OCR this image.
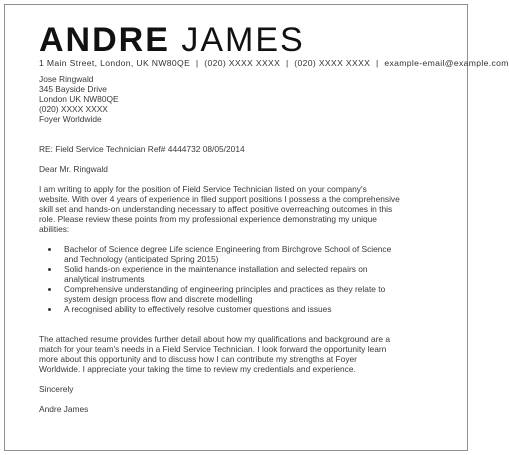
ANDRE JAMES
1 Main Street, London, UK NW80QE | (020) XXXX XXXX | (020) XXXX XXXX | example-email@example.com
Jose Ringwald
345 Bayside Drive
London UK NW80QE
(020) XXXX XXXX
Foyer Worldwide
RE: Field Service Technician Ref# 4444732 08/05/2014
Dear Mr. Ringwald
I am writing to apply for the position of Field Service Technician listed on your company's
website. With over 4 years of experience in filed support positions I possess a the comprehensive
skill set and hands-on understanding necessary to affect positive overreaching outcomes in this
role. Please review these points from my professional experience demonstrating my unique
abilities:
• Bachelor of Science degree Life science Engineering from Birchgrove School of Science
and Technology (anticipated Spring 2015)
• Solid hands-on experience in the maintenance installation and selected repairs on
analytical instruments
• Comprehensive understanding of engineering principles and practices as they relate to
system design process flow and discrete modelling
• A recognised ability to effectively resolve customer questions and issues
The attached resume provides further detail about how my qualifications and background are a
match for your team's needs in a Field Service Technician. I look forward the opportunity learn
more about this opportunity and to discuss how I can contribute my strengths at Foyer
Worldwide. I appreciate your taking the time to review my credentials and experience.
Sincerely
Andre James
